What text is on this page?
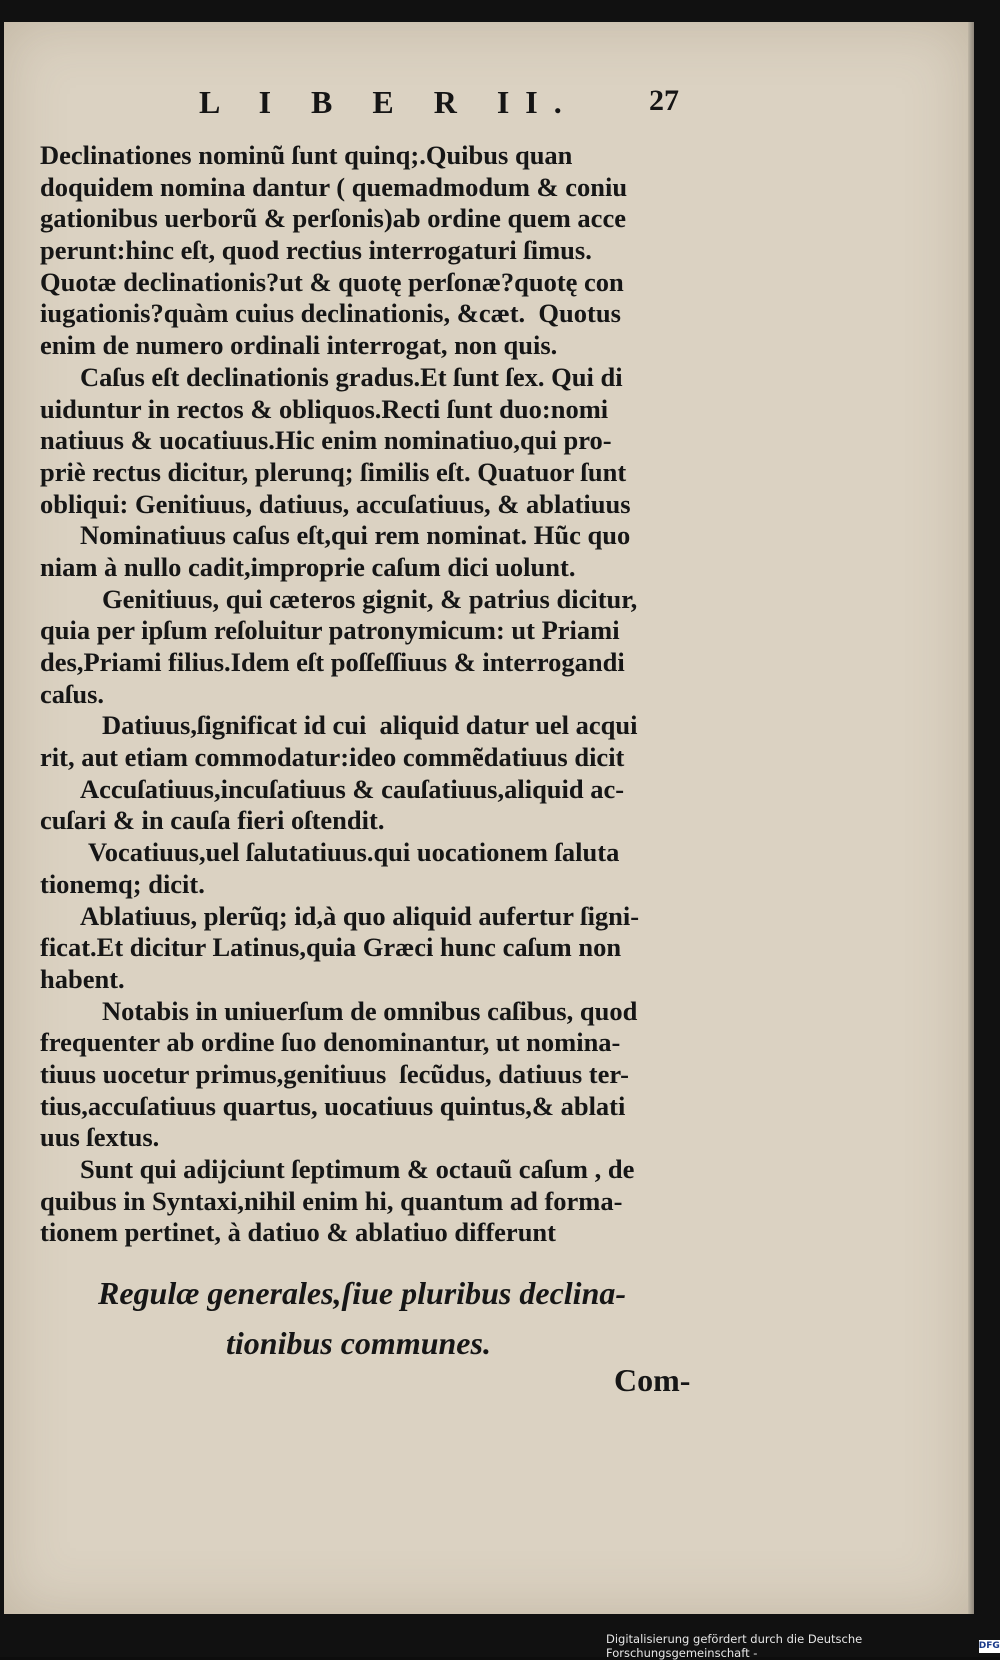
L I B E R II. 27
Declinationes nominũ ſunt quinq;.Quibus quan
doquidem nomina dantur ( quemadmodum & coniu
gationibus uerborũ & perſonis)ab ordine quem acce
perunt:hinc eſt, quod rectius interrogaturi ſimus.
Quotæ declinationis?ut & quotę perſonæ?quotę con
iugationis?quàm cuius declinationis, &cæt.  Quotus
enim de numero ordinali interrogat, non quis.
Caſus eſt declinationis gradus.Et ſunt ſex. Qui di
uiduntur in rectos & obliquos.Recti ſunt duo:nomi
natiuus & uocatiuus.Hic enim nominatiuo,qui pro-
priè rectus dicitur, plerunq; ſimilis eſt. Quatuor ſunt
obliqui: Genitiuus, datiuus, accuſatiuus, & ablatiuus
Nominatiuus caſus eſt,qui rem nominat. Hũc quo
niam à nullo cadit,improprie caſum dici uolunt.
Genitiuus, qui cæteros gignit, & patrius dicitur,
quia per ipſum reſoluitur patronymicum: ut Priami
des,Priami filius.Idem eſt poſſeſſiuus & interrogandi
caſus.
Datiuus,ſignificat id cui  aliquid datur uel acqui
rit, aut etiam commodatur:ideo commẽdatiuus dicit
Accuſatiuus,incuſatiuus & cauſatiuus,aliquid ac-
cuſari & in cauſa fieri oſtendit.
Vocatiuus,uel ſalutatiuus.qui uocationem ſaluta
tionemq; dicit.
Ablatiuus, plerũq; id,à quo aliquid aufertur ſigni-
ficat.Et dicitur Latinus,quia Græci hunc caſum non
habent.
Notabis in uniuerſum de omnibus caſibus, quod
frequenter ab ordine ſuo denominantur, ut nomina-
tiuus uocetur primus,genitiuus  ſecũdus, datiuus ter-
tius,accuſatiuus quartus, uocatiuus quintus,& ablati
uus ſextus.
Sunt qui adijciunt ſeptimum & octauũ caſum , de
quibus in Syntaxi,nihil enim hi, quantum ad forma-
tionem pertinet, à datiuo & ablatiuo differunt
Regulæ generales,ſiue pluribus declina-
tionibus communes.
Com-
Digitalisierung gefördert durch die Deutsche Forschungsgemeinschaft -
DFG
